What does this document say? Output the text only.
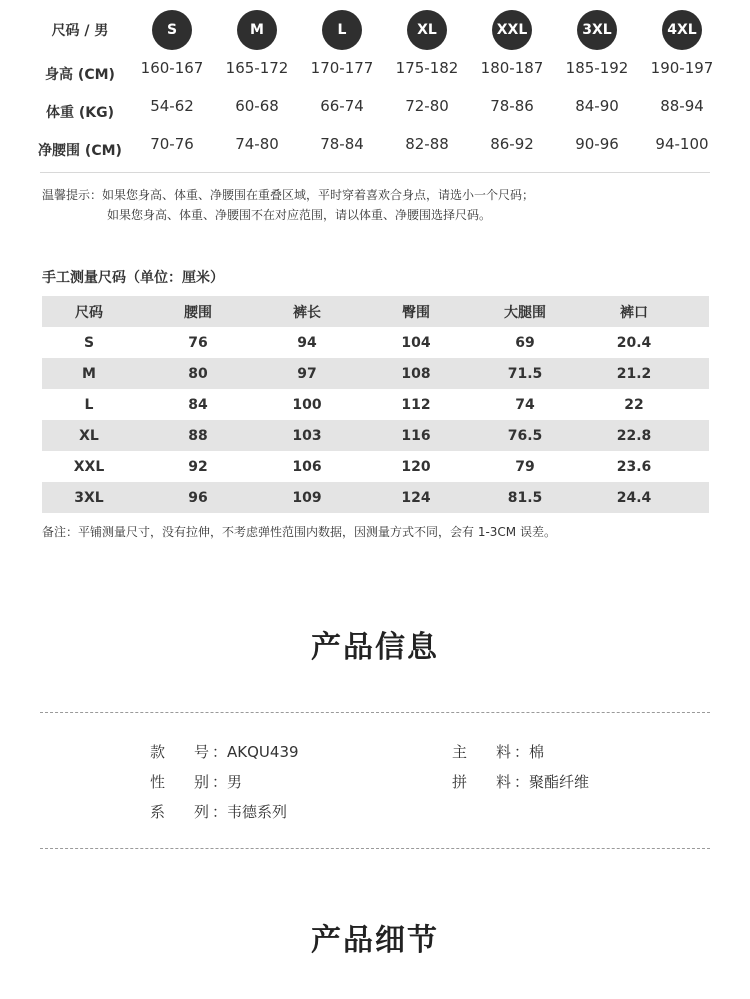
尺码 / 男	S	M	L	XL	XXL	3XL	4XL
身高 (CM)	160-167	165-172	170-177	175-182	180-187	185-192	190-197
体重 (KG)	54-62	60-68	66-74	72-80	78-86	84-90	88-94
净腰围 (CM)	70-76	74-80	78-84	82-88	86-92	90-96	94-100
温馨提示：如果您身高、体重、净腰围在重叠区域，平时穿着喜欢合身点，请选小一个尺码；
如果您身高、体重、净腰围不在对应范围，请以体重、净腰围选择尺码。
手工测量尺码（单位：厘米）
尺码	腰围	裤长	臀围	大腿围	裤口
S	76	94	104	69	20.4
M	80	97	108	71.5	21.2
L	84	100	112	74	22
XL	88	103	116	76.5	22.8
XXL	92	106	120	79	23.6
3XL	96	109	124	81.5	24.4
备注：平铺测量尺寸，没有拉伸，不考虑弹性范围内数据，因测量方式不同，会有 1-3CM 误差。
产品信息
款 号 ：AKQU439
性 别 ：男
系 列 ：韦德系列
主 料 ：棉
拼 料 ：聚酯纤维
产品细节
